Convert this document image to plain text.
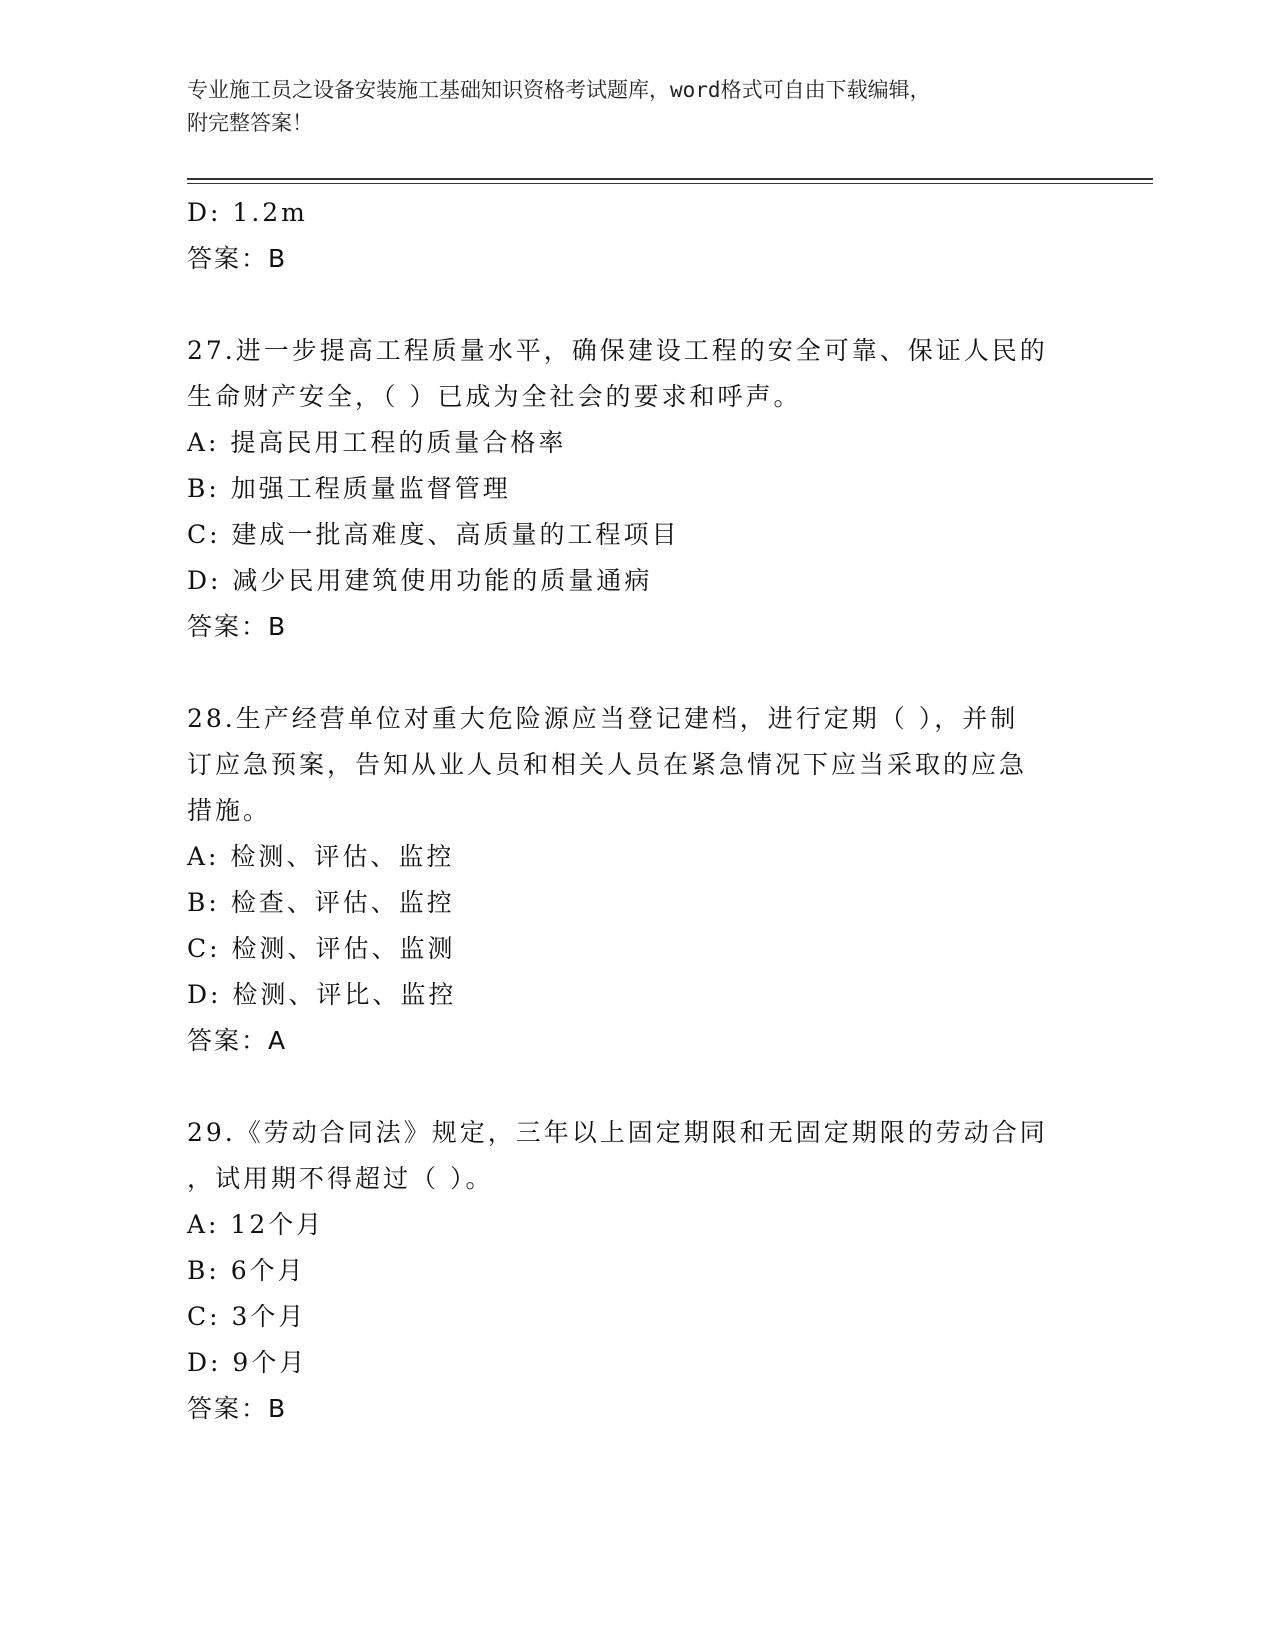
专业施工员之设备安装施工基础知识资格考试题库，word格式可自由下载编辑，
附完整答案！
D: 1.2m
答案：B
27.进一步提高工程质量水平，确保建设工程的安全可靠、保证人民的
生命财产安全，（ ）已成为全社会的要求和呼声。
A: 提高民用工程的质量合格率
B: 加强工程质量监督管理
C: 建成一批高难度、高质量的工程项目
D: 减少民用建筑使用功能的质量通病
答案：B
28.生产经营单位对重大危险源应当登记建档，进行定期（ ），并制
订应急预案，告知从业人员和相关人员在紧急情况下应当采取的应急
措施。
A: 检测、评估、监控
B: 检查、评估、监控
C: 检测、评估、监测
D: 检测、评比、监控
答案：A
29.《劳动合同法》规定，三年以上固定期限和无固定期限的劳动合同
，试用期不得超过（ ）。
A: 12个月
B: 6个月
C: 3个月
D: 9个月
答案：B
